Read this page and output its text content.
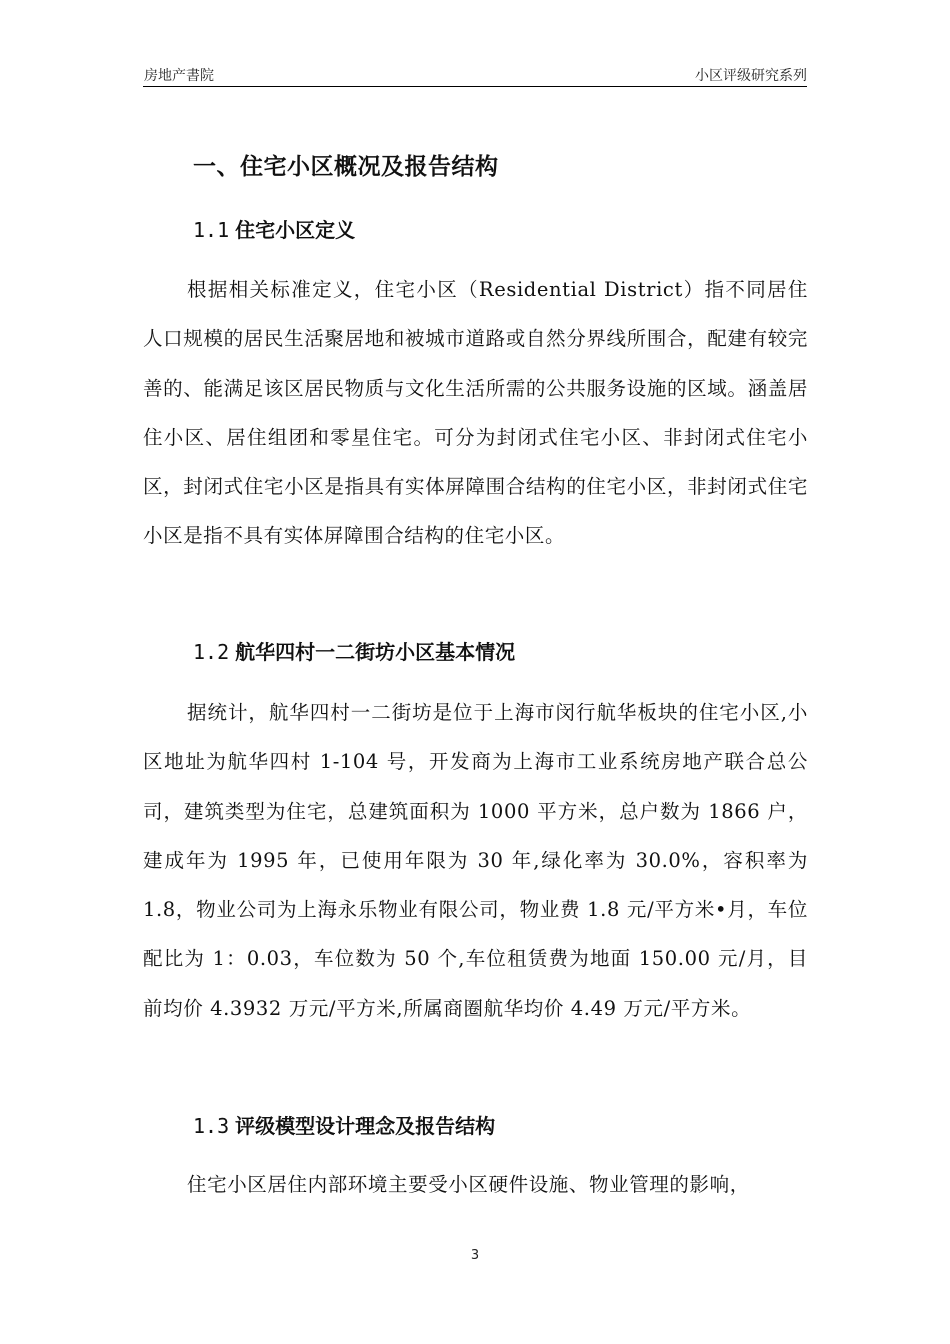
房地产書院	小区评级研究系列
一、住宅小区概况及报告结构
1.1 住宅小区定义

根据相关标准定义，住宅小区（Residential District）指不同居住人口规模的居民生活聚居地和被城市道路或自然分界线所围合，配建有较完善的、能满足该区居民物质与文化生活所需的公共服务设施的区域。涵盖居住小区、居住组团和零星住宅。可分为封闭式住宅小区、非封闭式住宅小区，封闭式住宅小区是指具有实体屏障围合结构的住宅小区，非封闭式住宅小区是指不具有实体屏障围合结构的住宅小区。

1.2 航华四村一二街坊小区基本情况

据统计，航华四村一二街坊是位于上海市闵行航华板块的住宅小区,小区地址为航华四村 1-104 号，开发商为上海市工业系统房地产联合总公司，建筑类型为住宅，总建筑面积为 1000 平方米，总户数为 1866 户，建成年为 1995 年，已使用年限为 30 年,绿化率为 30.0%，容积率为 1.8，物业公司为上海永乐物业有限公司，物业费 1.8 元/平方米•月，车位配比为 1：0.03，车位数为 50 个,车位租赁费为地面 150.00 元/月，目前均价 4.3932 万元/平方米,所属商圈航华均价 4.49 万元/平方米。

1.3 评级模型设计理念及报告结构

住宅小区居住内部环境主要受小区硬件设施、物业管理的影响，

3
